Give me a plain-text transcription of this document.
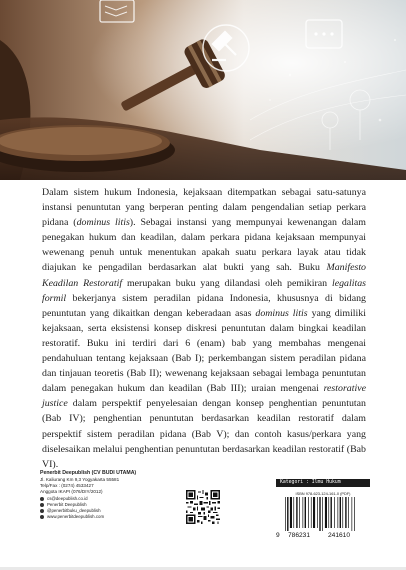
Dalam sistem hukum Indonesia, kejaksaan ditempatkan sebagai satu-satunya instansi penuntutan yang berperan penting dalam pengendalian setiap perkara pidana (dominus litis). Sebagai instansi yang mempunyai kewenangan dalam penegakan hukum dan keadilan, dalam perkara pidana kejaksaan mempunyai wewenang penuh untuk menentukan apakah suatu perkara layak atau tidak diajukan ke pengadilan berdasarkan alat bukti yang sah. Buku Manifesto Keadilan Restoratif merupakan buku yang dilandasi oleh pemikiran legalitas formil bekerjanya sistem peradilan pidana Indonesia, khususnya di bidang penuntutan yang dikaitkan dengan keberadaan asas dominus litis yang dimiliki kejaksaan, serta eksistensi konsep diskresi penuntutan dalam bingkai keadilan restoratif. Buku ini terdiri dari 6 (enam) bab yang membahas mengenai pendahuluan tentang kejaksaan (Bab I); perkembangan sistem peradilan pidana dan tinjauan teoretis (Bab II); wewenang kejaksaan sebagai lembaga penuntutan dalam penegakan hukum dan keadilan (Bab III); uraian mengenai restorative justice dalam perspektif penyelesaian dengan konsep penghentian penuntutan (Bab IV); penghentian penuntutan berdasarkan keadilan restoratif dalam perspektif sistem peradilan pidana (Bab V); dan contoh kasus/perkara yang diselesaikan melalui penghentian penuntutan berdasarkan keadilan restoratif (Bab VI).

Penerbit Deepublish (CV BUDI UTAMA)
Jl. Kaliurang Km 9,3 Yogyakarta 55581
Telp/Fax : (0274) 4533427
Anggota IKAPI (076/DIY/2012)
cs@deepublish.co.id
Penerbit Deepublish
@penerbitbuku_deepublish
www.penerbitdeepublish.com
Kategori : Ilmu Hukum
ISBN 978-623-124-161-0 (PDF)
9 786231	241610
